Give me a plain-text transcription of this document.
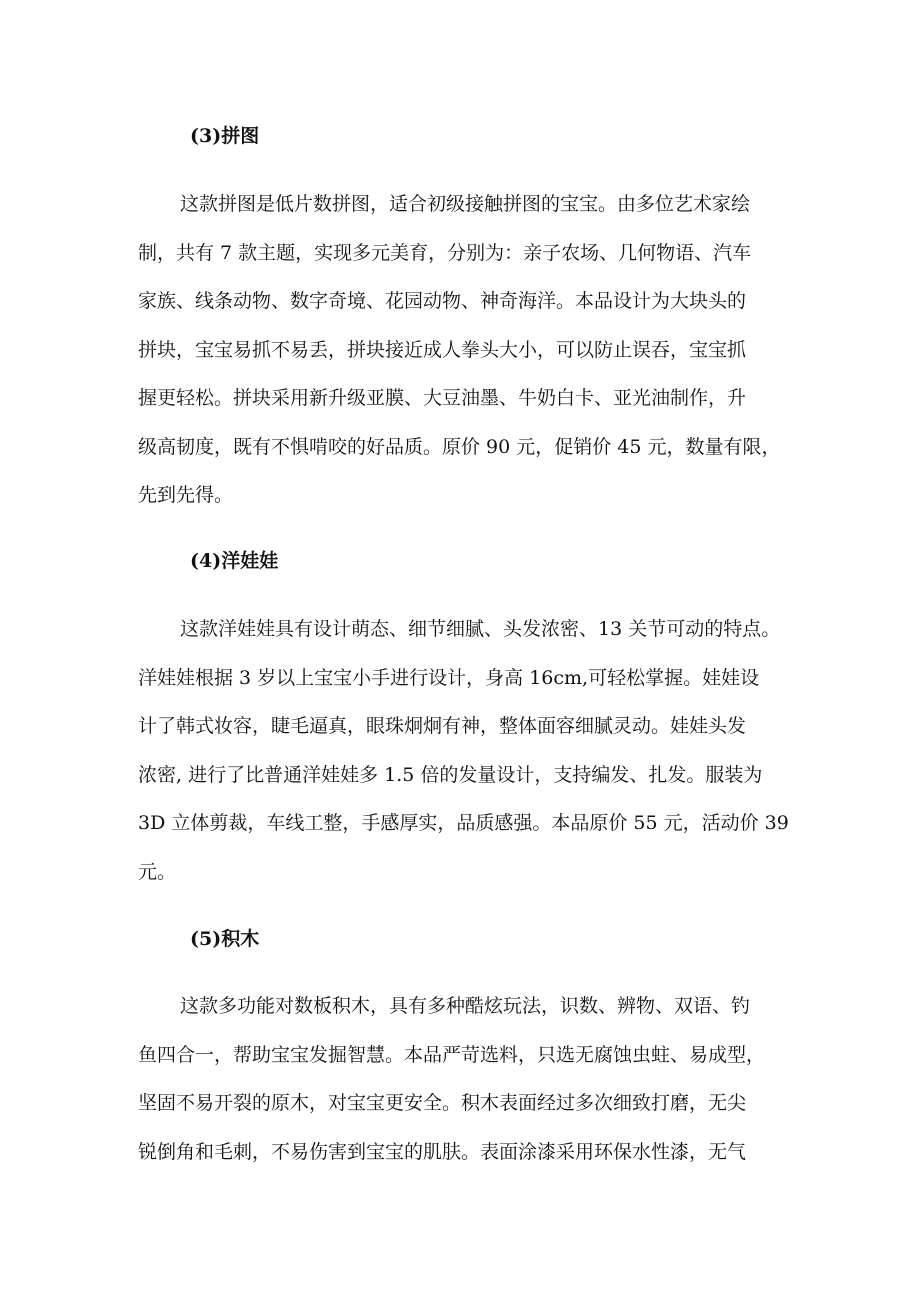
(3)拼图
这款拼图是低片数拼图，适合初级接触拼图的宝宝。由多位艺术家绘
制，共有 7 款主题，实现多元美育，分别为：亲子农场、几何物语、汽车
家族、线条动物、数字奇境、花园动物、神奇海洋。本品设计为大块头的
拼块，宝宝易抓不易丢，拼块接近成人拳头大小，可以防止误吞，宝宝抓
握更轻松。拼块采用新升级亚膜、大豆油墨、牛奶白卡、亚光油制作，升
级高韧度，既有不惧啃咬的好品质。原价 90 元，促销价 45 元，数量有限，
先到先得。
(4)洋娃娃
这款洋娃娃具有设计萌态、细节细腻、头发浓密、13 关节可动的特点。
洋娃娃根据 3 岁以上宝宝小手进行设计，身高 16cm,可轻松掌握。娃娃设
计了韩式妆容，睫毛逼真，眼珠炯炯有神，整体面容细腻灵动。娃娃头发
浓密, 进行了比普通洋娃娃多 1.5 倍的发量设计，支持编发、扎发。服装为
3D 立体剪裁，车线工整，手感厚实，品质感强。本品原价 55 元，活动价 39
元。
(5)积木
这款多功能对数板积木，具有多种酷炫玩法，识数、辨物、双语、钓
鱼四合一，帮助宝宝发掘智慧。本品严苛选料，只选无腐蚀虫蛀、易成型，
坚固不易开裂的原木，对宝宝更安全。积木表面经过多次细致打磨，无尖
锐倒角和毛刺，不易伤害到宝宝的肌肤。表面涂漆采用环保水性漆，无气
